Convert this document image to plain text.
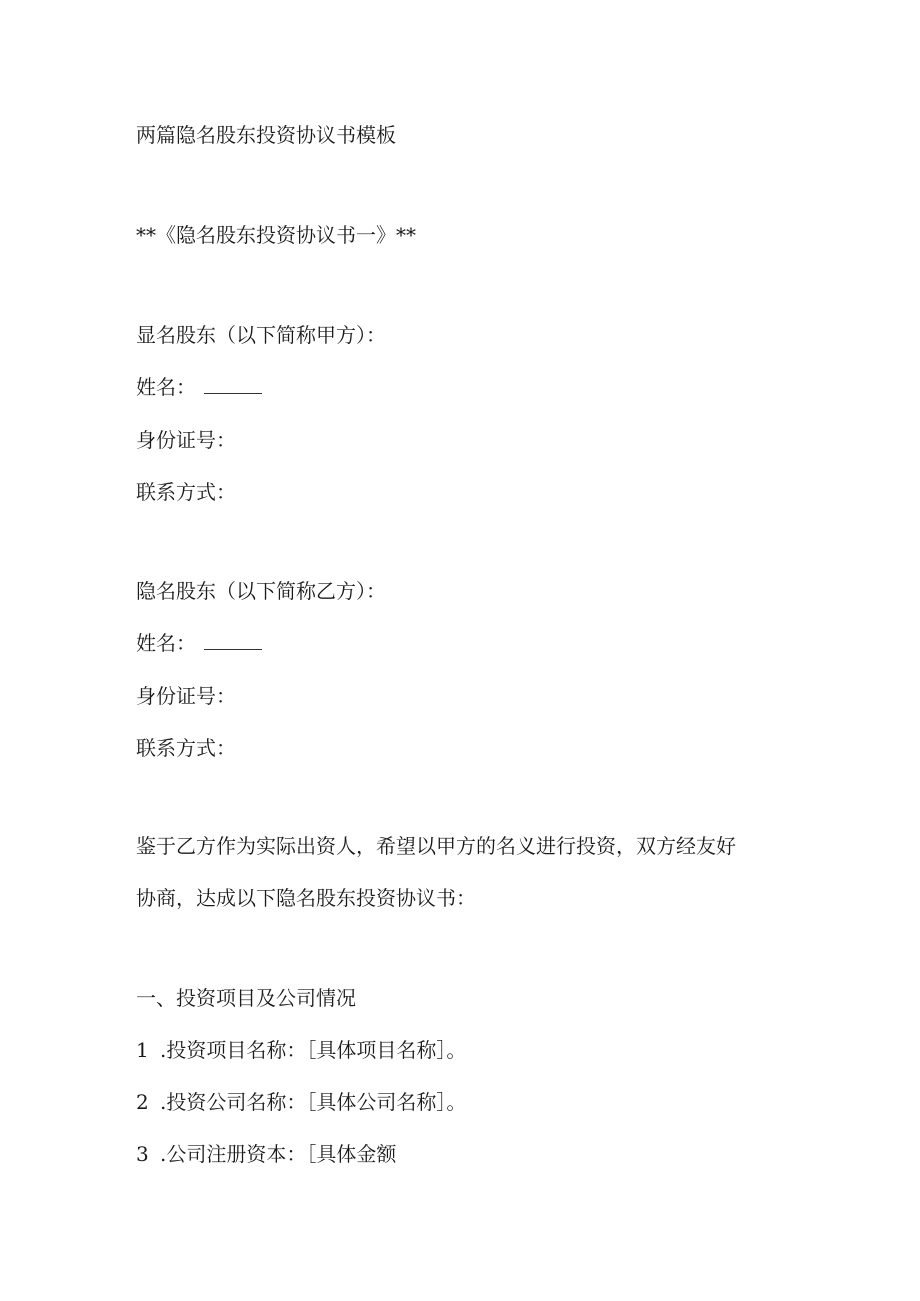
两篇隐名股东投资协议书模板
**《隐名股东投资协议书一》**
显名股东（以下简称甲方）：
姓名：
身份证号：
联系方式：
隐名股东（以下简称乙方）：
姓名：
身份证号：
联系方式：
鉴于乙方作为实际出资人，希望以甲方的名义进行投资，双方经友好
协商，达成以下隐名股东投资协议书：
一、投资项目及公司情况
1 .投资项目名称：［具体项目名称］。
2 .投资公司名称：［具体公司名称］。
3 .公司注册资本：［具体金额
